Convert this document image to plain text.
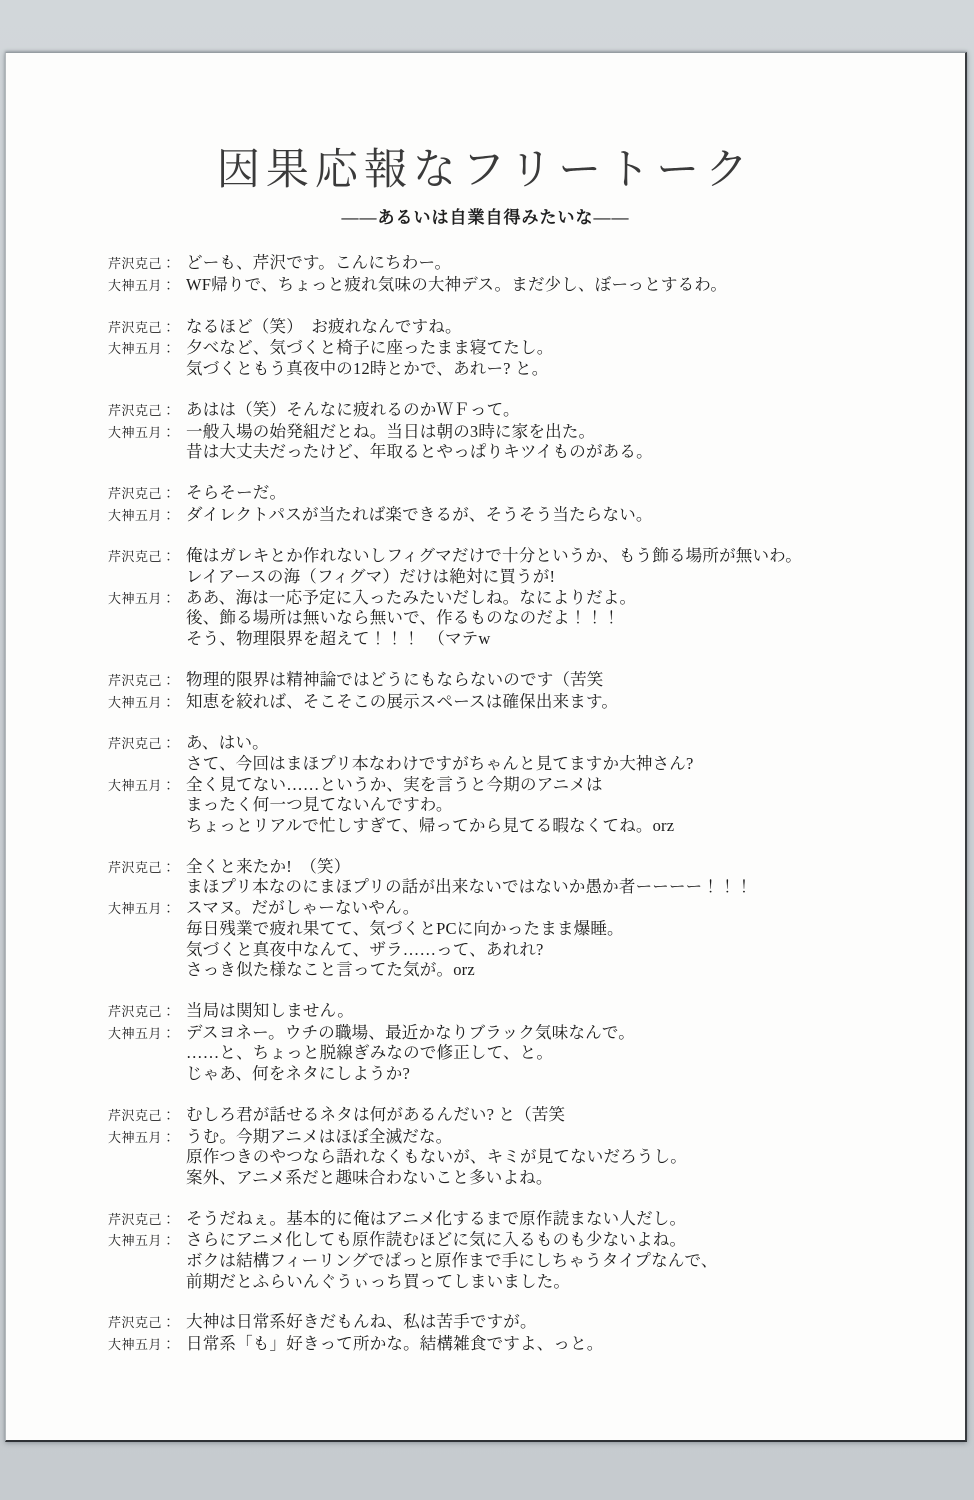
因果応報なフリートーク
――あるいは自業自得みたいな――
芹沢克己： どーも、芹沢です。こんにちわー。
大神五月： WF帰りで、ちょっと疲れ気味の大神デス。まだ少し、ぼーっとするわ。
芹沢克己： なるほど（笑）　お疲れなんですね。
大神五月： 夕べなど、気づくと椅子に座ったまま寝てたし。
気づくともう真夜中の12時とかで、あれー? と。
芹沢克己： あはは（笑）そんなに疲れるのかＷＦって。
大神五月： 一般入場の始発組だとね。当日は朝の3時に家を出た。
昔は大丈夫だったけど、年取るとやっぱりキツイものがある。
芹沢克己： そらそーだ。
大神五月： ダイレクトパスが当たれば楽できるが、そうそう当たらない。
芹沢克己： 俺はガレキとか作れないしフィグマだけで十分というか、もう飾る場所が無いわ。
レイアースの海（フィグマ）だけは絶対に買うが!
大神五月： ああ、海は一応予定に入ったみたいだしね。なによりだよ。
後、飾る場所は無いなら無いで、作るものなのだよ！！！
そう、物理限界を超えて！！！　（マテw
芹沢克己： 物理的限界は精神論ではどうにもならないのです（苦笑
大神五月： 知恵を絞れば、そこそこの展示スペースは確保出来ます。
芹沢克己： あ、はい。
さて、今回はまほプリ本なわけですがちゃんと見てますか大神さん?
大神五月： 全く見てない……というか、実を言うと今期のアニメは
まったく何一つ見てないんですわ。
ちょっとリアルで忙しすぎて、帰ってから見てる暇なくてね。orz
芹沢克己： 全くと来たか!　（笑）
まほプリ本なのにまほプリの話が出来ないではないか愚か者ーーーー！！！
大神五月： スマヌ。だがしゃーないやん。
毎日残業で疲れ果てて、気づくとPCに向かったまま爆睡。
気づくと真夜中なんて、ザラ……って、あれれ?
さっき似た様なこと言ってた気が。orz
芹沢克己： 当局は関知しません。
大神五月： デスヨネー。ウチの職場、最近かなりブラック気味なんで。
……と、ちょっと脱線ぎみなので修正して、と。
じゃあ、何をネタにしようか?
芹沢克己： むしろ君が話せるネタは何があるんだい? と（苦笑
大神五月： うむ。今期アニメはほぼ全滅だな。
原作つきのやつなら語れなくもないが、キミが見てないだろうし。
案外、アニメ系だと趣味合わないこと多いよね。
芹沢克己： そうだねぇ。基本的に俺はアニメ化するまで原作読まない人だし。
大神五月： さらにアニメ化しても原作読むほどに気に入るものも少ないよね。
ボクは結構フィーリングでぱっと原作まで手にしちゃうタイプなんで、
前期だとふらいんぐうぃっち買ってしまいました。
芹沢克己： 大神は日常系好きだもんね、私は苦手ですが。
大神五月： 日常系「も」好きって所かな。結構雑食ですよ、っと。
